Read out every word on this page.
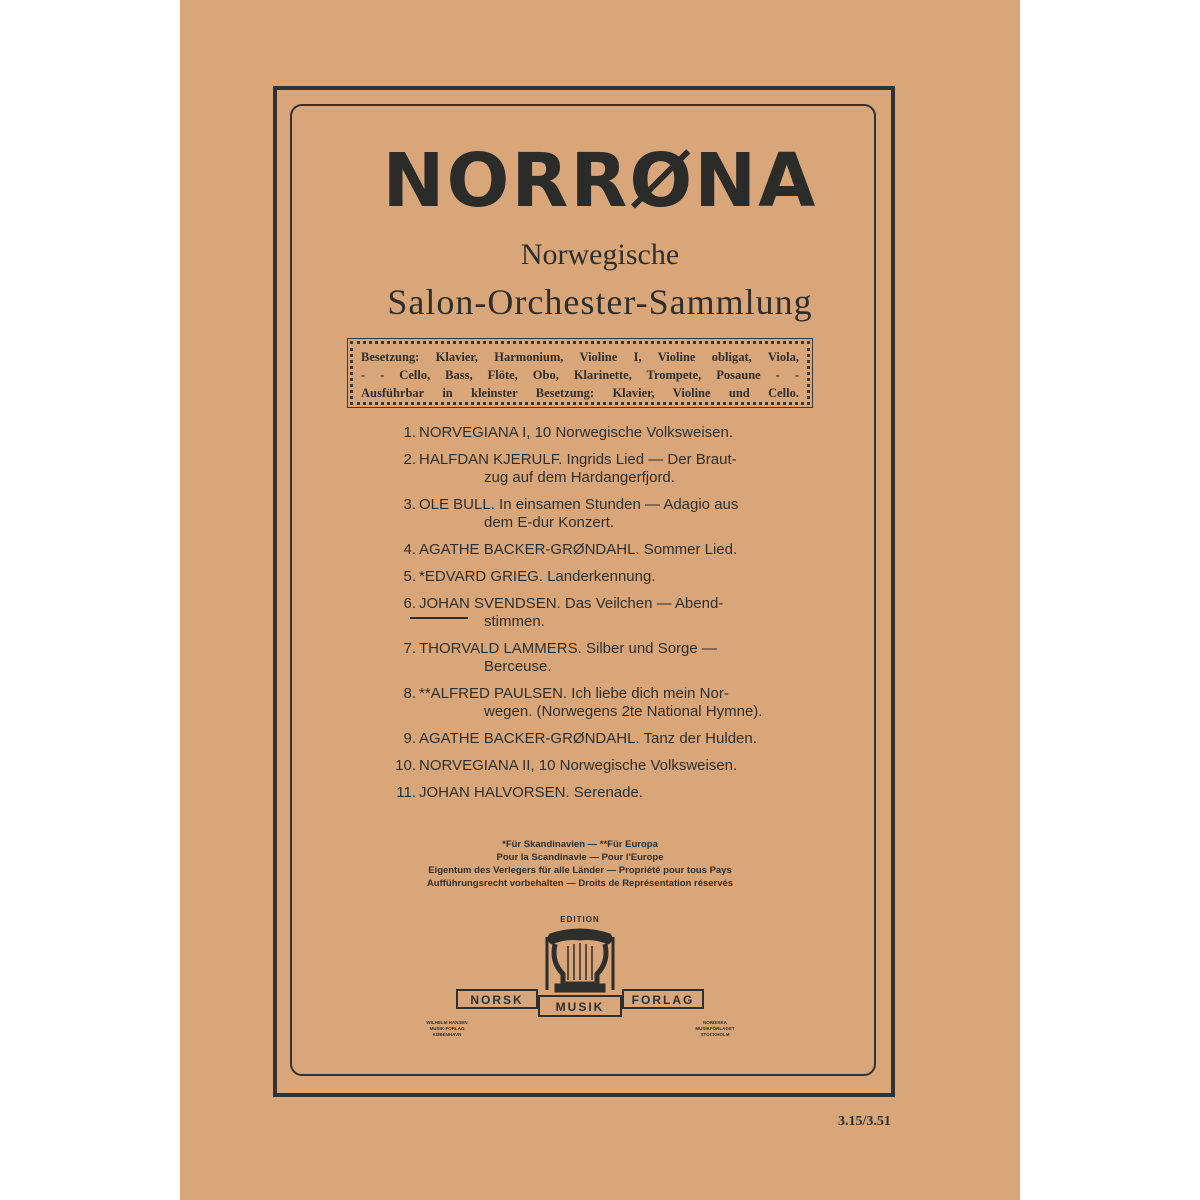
NORRØNA
Norwegische
Salon-Orchester-Sammlung
Besetzung: Klavier, Harmonium, Violine I, Violine obligat, Viola,
- - Cello, Bass, Flöte, Obo, Klarinette, Trompete, Posaune - -
Ausführbar in kleinster Besetzung: Klavier, Violine und Cello.
1. NORVEGIANA I, 10 Norwegische Volksweisen.
2. HALFDAN KJERULF. Ingrids Lied — Der Braut-
zug auf dem Hardangerfjord.
3. OLE BULL. In einsamen Stunden — Adagio aus
dem E-dur Konzert.
4. AGATHE BACKER-GRØNDAHL. Sommer Lied.
5. *EDVARD GRIEG. Landerkennung.
6. JOHAN SVENDSEN. Das Veilchen — Abend-
stimmen.
7. THORVALD LAMMERS. Silber und Sorge —
Berceuse.
8. **ALFRED PAULSEN. Ich liebe dich mein Nor-
wegen. (Norwegens 2te National Hymne).
9. AGATHE BACKER-GRØNDAHL. Tanz der Hulden.
10. NORVEGIANA II, 10 Norwegische Volksweisen.
11. JOHAN HALVORSEN. Serenade.
*Für Skandinavien — **Für Europa
Pour la Scandinavie — Pour l'Europe
Eigentum des Verlegers für alle Länder — Propriété pour tous Pays
Aufführungsrecht vorbehalten — Droits de Représentation réservés
EDITION
NORSK	MUSIK FORLAG
WILHELM HANSEN
MUSIK-FORLAG
KØBENHAVN
NORDISKA
MUSIKFÖRLAGET
STOCKHOLM
3.15/3.51
